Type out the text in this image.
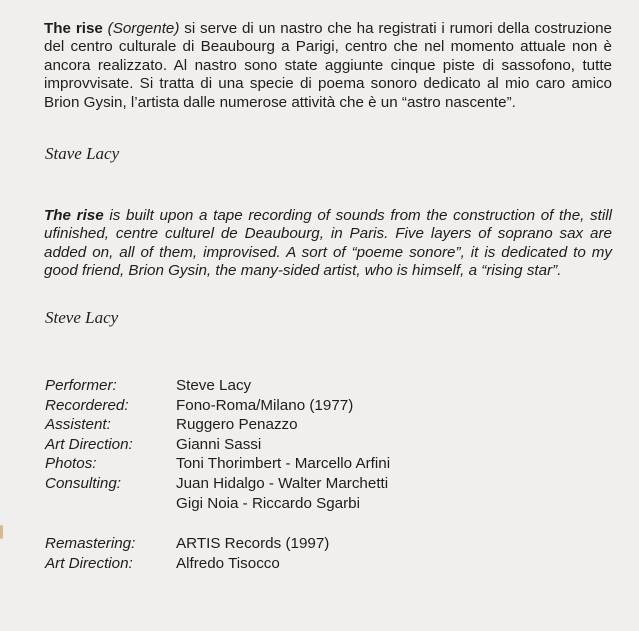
The rise (Sorgente) si serve di un nastro che ha registrati i rumori della costruzione del centro culturale di Beaubourg a Parigi, centro che nel momento attuale non è ancora realizzato. Al nastro sono state aggiunte cinque piste di sassofono, tutte improvvisate. Si tratta di una specie di poema sonoro dedicato al mio caro amico Brion Gysin, l’artista dalle numerose attività che è un “astro nascente”.

Stave Lacy

The rise is built upon a tape recording of sounds from the construction of the, still ufinished, centre culturel de Deaubourg, in Paris. Five layers of soprano sax are added on, all of them, improvised. A sort of “poeme sonore”, it is dedicated to my good friend, Brion Gysin, the many-sided artist, who is himself, a “rising star”.

Steve Lacy
Performer:	Steve Lacy
Recordered:	Fono-Roma/Milano (1977)
Assistent:	Ruggero Penazzo
Art Direction:	Gianni Sassi
Photos:	Toni Thorimbert - Marcello Arfini
Consulting:	Juan Hidalgo - Walter Marchetti
Gigi Noia - Riccardo Sgarbi
Remastering:	ARTIS Records (1997)
Art Direction:	Alfredo Tisocco
